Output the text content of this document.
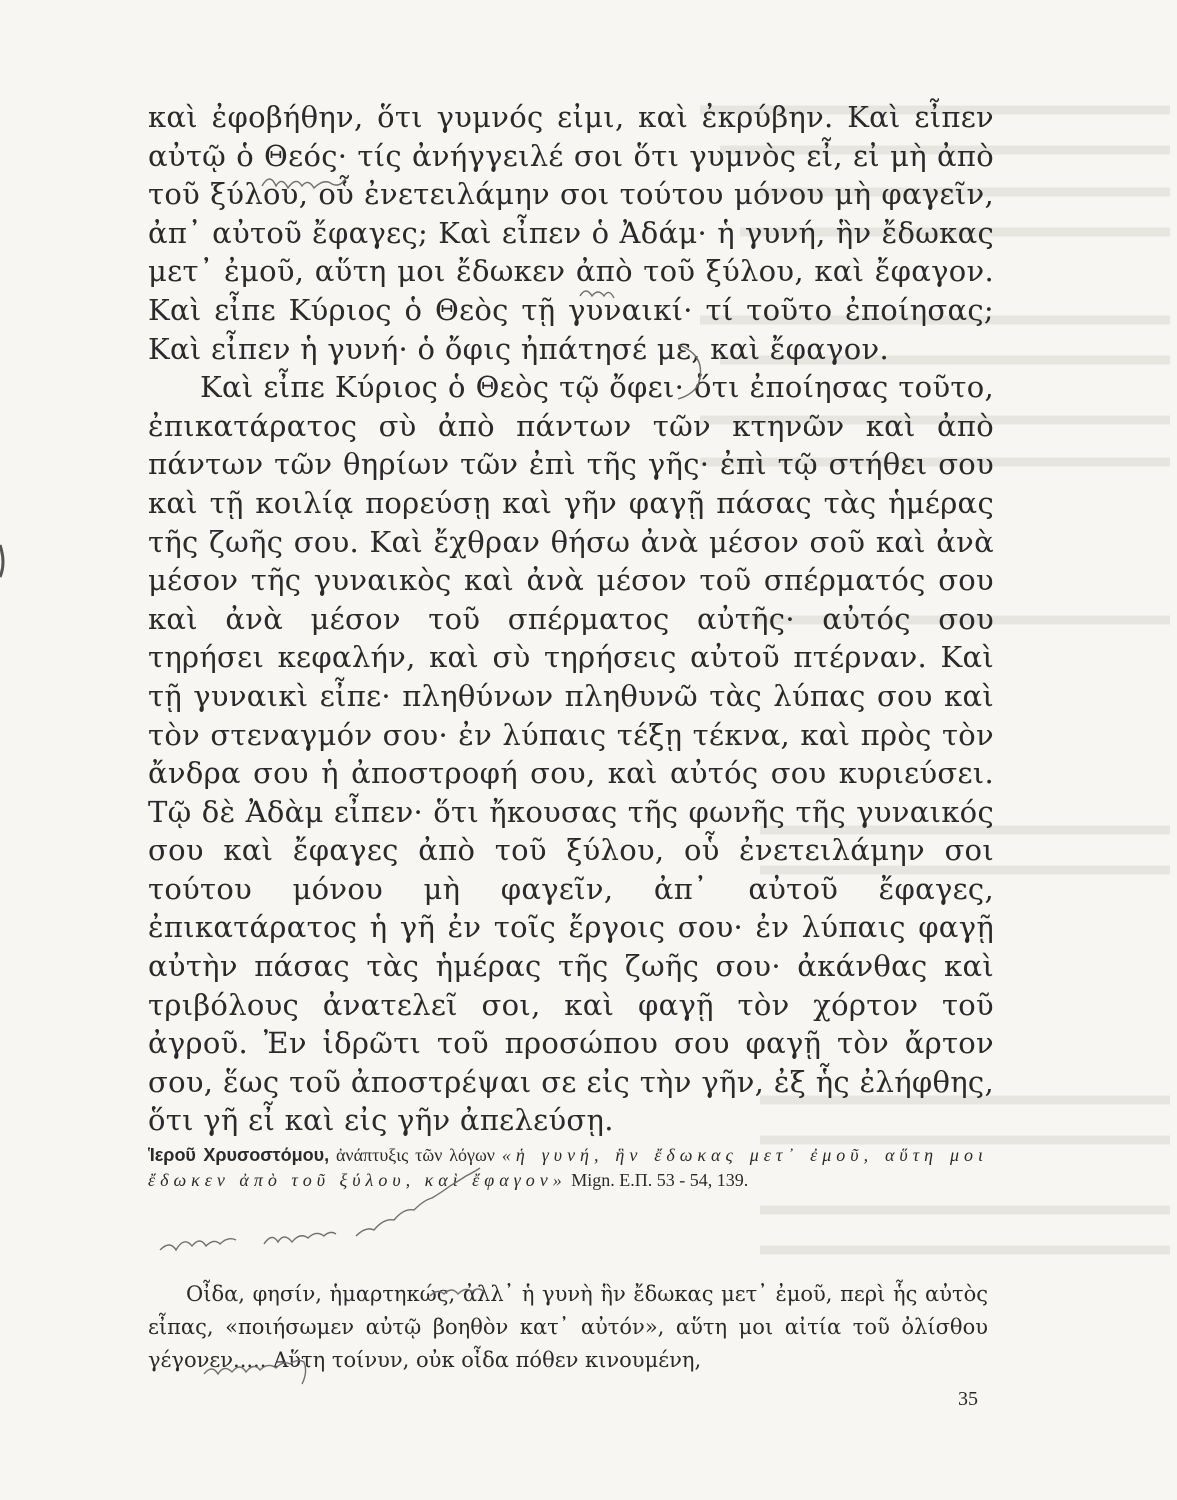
καὶ ἐφοβήθην, ὅτι γυμνός εἰμι, καὶ ἐκρύβην. Καὶ εἶπεν αὐτῷ ὁ Θεός· τίς ἀνήγγειλέ σοι ὅτι γυμνὸς εἶ, εἰ μὴ ἀπὸ τοῦ ξύλου, οὗ ἐνετειλάμην σοι τούτου μόνου μὴ φαγεῖν, ἀπ᾽ αὐτοῦ ἔφαγες; Καὶ εἶπεν ὁ Ἀδάμ· ἡ γυνή, ἣν ἔδωκας μετ᾽ ἐμοῦ, αὕτη μοι ἔδωκεν ἀπὸ τοῦ ξύλου, καὶ ἔφαγον. Καὶ εἶπε Κύριος ὁ Θεὸς τῇ γυναικί· τί τοῦτο ἐποίησας; Καὶ εἶπεν ἡ γυνή· ὁ ὄφις ἠπάτησέ με, καὶ ἔφαγον.

Καὶ εἶπε Κύριος ὁ Θεὸς τῷ ὄφει· ὅτι ἐποίησας τοῦτο, ἐπικατάρατος σὺ ἀπὸ πάντων τῶν κτηνῶν καὶ ἀπὸ πάντων τῶν θηρίων τῶν ἐπὶ τῆς γῆς· ἐπὶ τῷ στήθει σου καὶ τῇ κοιλίᾳ πορεύσῃ καὶ γῆν φαγῇ πάσας τὰς ἡμέρας τῆς ζωῆς σου. Καὶ ἔχθραν θήσω ἀνὰ μέσον σοῦ καὶ ἀνὰ μέσον τῆς γυναικὸς καὶ ἀνὰ μέσον τοῦ σπέρματός σου καὶ ἀνὰ μέσον τοῦ σπέρματος αὐτῆς· αὐτός σου τηρήσει κεφαλήν, καὶ σὺ τηρήσεις αὐτοῦ πτέρναν. Καὶ τῇ γυναικὶ εἶπε· πληθύνων πληθυνῶ τὰς λύπας σου καὶ τὸν στεναγμόν σου· ἐν λύπαις τέξῃ τέκνα, καὶ πρὸς τὸν ἄνδρα σου ἡ ἀποστροφή σου, καὶ αὐτός σου κυριεύσει. Τῷ δὲ Ἀδὰμ εἶπεν· ὅτι ἤκουσας τῆς φωνῆς τῆς γυναικός σου καὶ ἔφαγες ἀπὸ τοῦ ξύλου, οὗ ἐνετειλάμην σοι τούτου μόνου μὴ φαγεῖν, ἀπ᾽ αὐτοῦ ἔφαγες, ἐπικατάρατος ἡ γῆ ἐν τοῖς ἔργοις σου· ἐν λύπαις φαγῇ αὐτὴν πάσας τὰς ἡμέρας τῆς ζωῆς σου· ἀκάνθας καὶ τριβόλους ἀνατελεῖ σοι, καὶ φαγῇ τὸν χόρτον τοῦ ἀγροῦ. Ἐν ἱδρῶτι τοῦ προσώπου σου φαγῇ τὸν ἄρτον σου, ἕως τοῦ ἀποστρέψαι σε εἰς τὴν γῆν, ἐξ ἧς ἐλήφθης, ὅτι γῆ εἶ καὶ εἰς γῆν ἀπελεύσῃ.

Ἱεροῦ Χρυσοστόμου, ἀνάπτυξις τῶν λόγων «ἡ γυνή, ἣν ἔδωκας μετ᾽ ἐμοῦ, αὕτη μοι ἔδωκεν ἀπὸ τοῦ ξύλου, καὶ ἔφαγον» Mign. Ε.Π. 53 - 54, 139.
Οἶδα, φησίν, ἡμαρτηκώς, ἀλλ᾽ ἡ γυνὴ ἣν ἔδωκας μετ᾽ ἐμοῦ, περὶ ἧς αὐτὸς εἶπας, «ποιήσωμεν αὐτῷ βοηθὸν κατ᾽ αὐτόν», αὕτη μοι αἰτία τοῦ ὀλίσθου γέγονεν..... Αὕτη τοίνυν, οὐκ οἶδα πόθεν κινουμένη,
35
